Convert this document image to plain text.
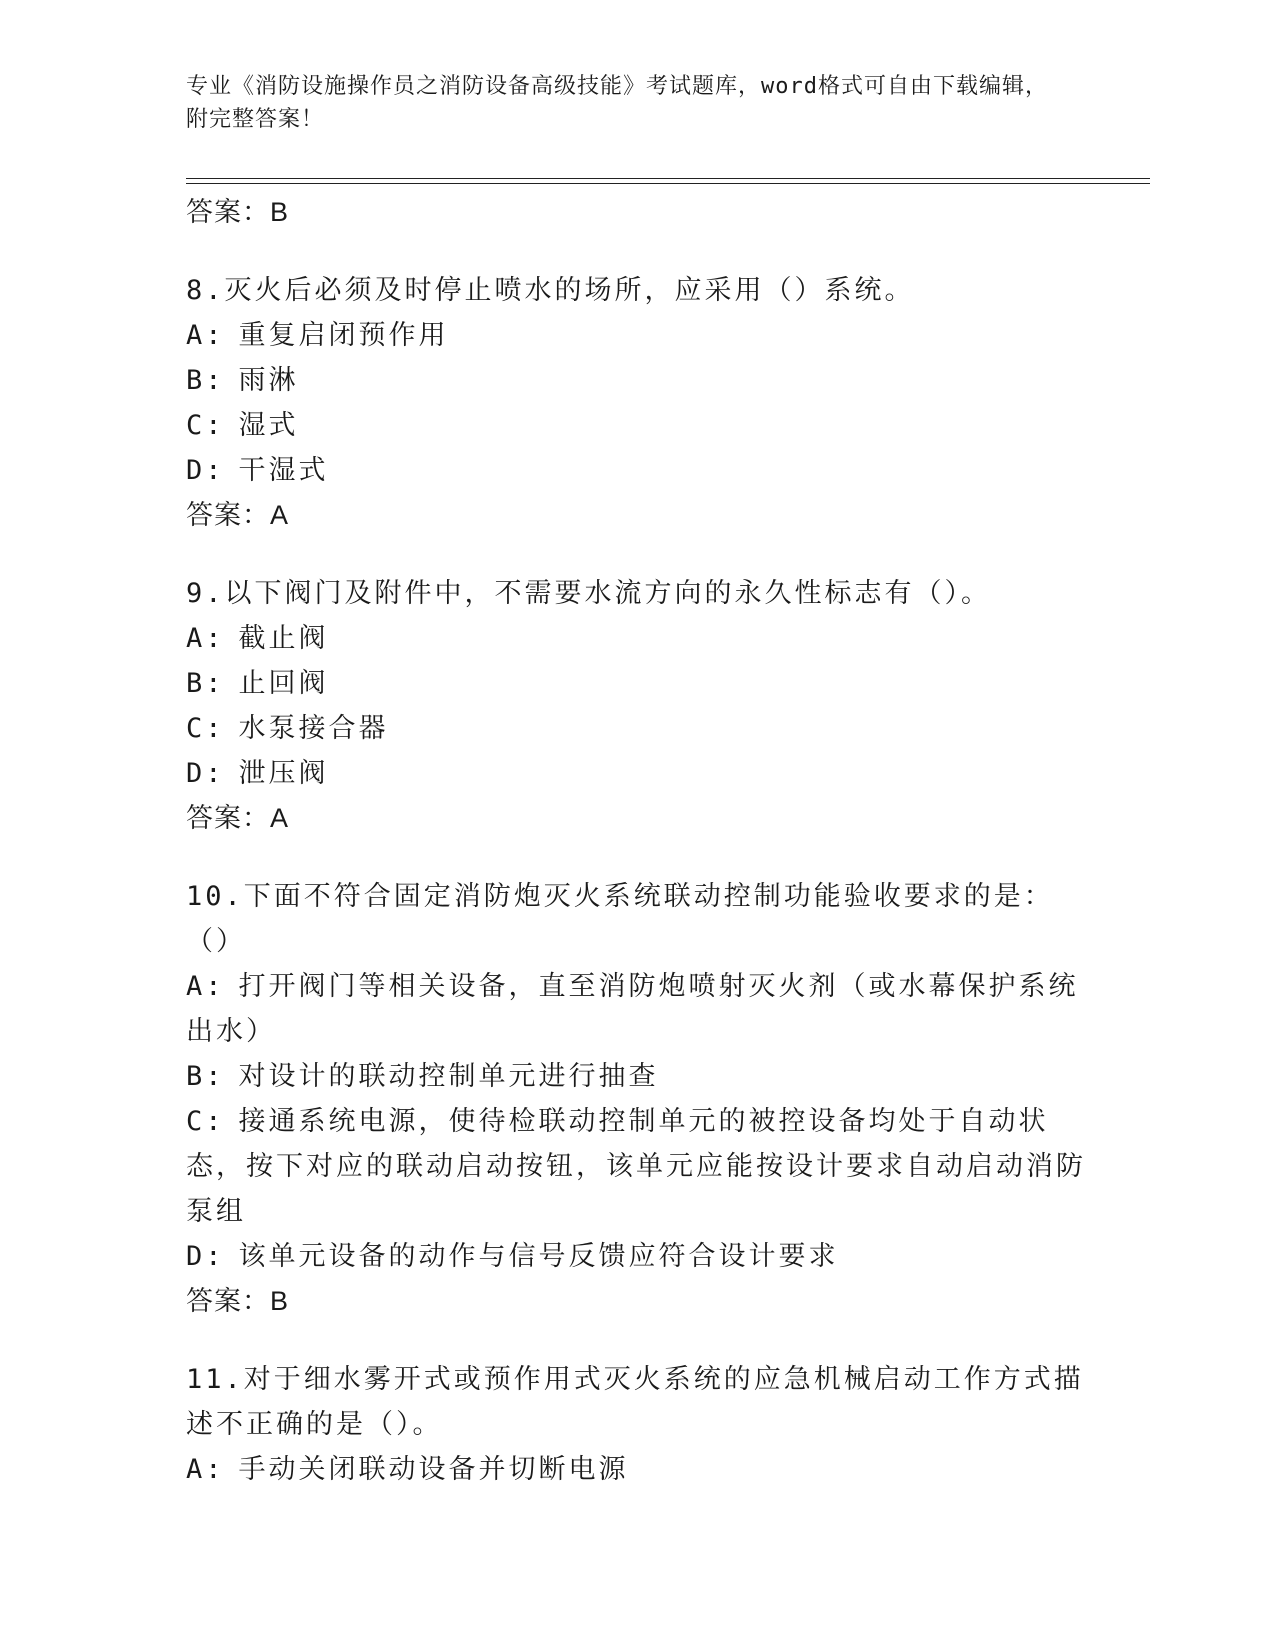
专业《消防设施操作员之消防设备高级技能》考试题库，word格式可自由下载编辑，附完整答案！

答案：B

8.灭火后必须及时停止喷水的场所，应采用（）系统。

A: 重复启闭预作用

B: 雨淋

C: 湿式

D: 干湿式

答案：A

9.以下阀门及附件中，不需要水流方向的永久性标志有（）。

A: 截止阀

B: 止回阀

C: 水泵接合器

D: 泄压阀

答案：A

10.下面不符合固定消防炮灭火系统联动控制功能验收要求的是：（）

A: 打开阀门等相关设备，直至消防炮喷射灭火剂（或水幕保护系统出水）

B: 对设计的联动控制单元进行抽查

C: 接通系统电源，使待检联动控制单元的被控设备均处于自动状态，按下对应的联动启动按钮，该单元应能按设计要求自动启动消防泵组

D: 该单元设备的动作与信号反馈应符合设计要求

答案：B

11.对于细水雾开式或预作用式灭火系统的应急机械启动工作方式描述不正确的是（）。

A: 手动关闭联动设备并切断电源
